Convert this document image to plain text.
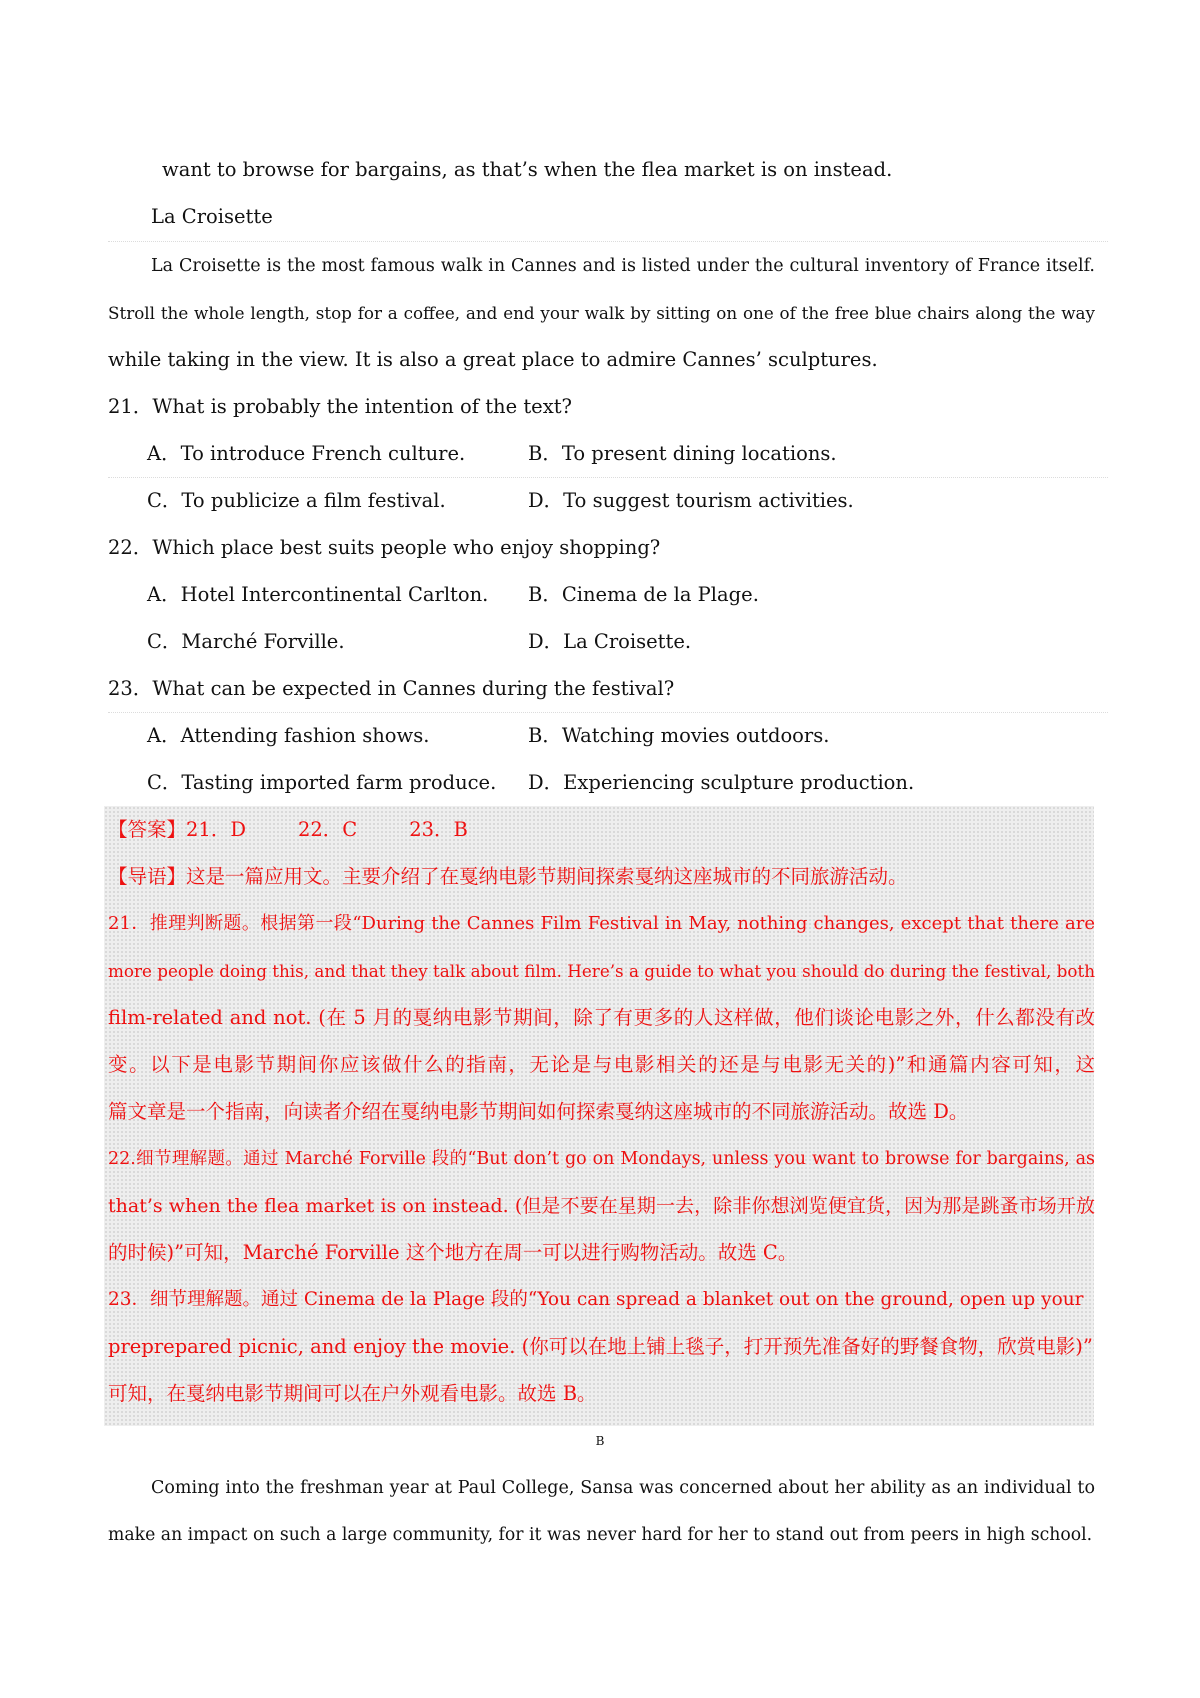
want to browse for bargains, as that’s when the flea market is on instead.
La Croisette
La Croisette is the most famous walk in Cannes and is listed under the cultural inventory of France itself.
Stroll the whole length, stop for a coffee, and end your walk by sitting on one of the free blue chairs along the way
while taking in the view. It is also a great place to admire Cannes’ sculptures.
21．What is probably the intention of the text?
A．To introduce French culture.	B．To present dining locations.
C．To publicize a film festival.	D．To suggest tourism activities.
22．Which place best suits people who enjoy shopping?
A．Hotel Intercontinental Carlton. B．Cinema de la Plage.
C．Marché Forville.	D．La Croisette.
23．What can be expected in Cannes during the festival?
A．Attending fashion shows.	B．Watching movies outdoors.
C．Tasting imported farm produce. D．Experiencing sculpture production.
【答案】21．D	22．C	23．B
【导语】这是一篇应用文。主要介绍了在戛纳电影节期间探索戛纳这座城市的不同旅游活动。
21．推理判断题。根据第一段“During the Cannes Film Festival in May, nothing changes, except that there are
more people doing this, and that they talk about film. Here’s a guide to what you should do during the festival, both
film-related and not. (在 5 月的戛纳电影节期间，除了有更多的人这样做，他们谈论电影之外，什么都没有改
变。以下是电影节期间你应该做什么的指南，无论是与电影相关的还是与电影无关的)”和通篇内容可知，这
篇文章是一个指南，向读者介绍在戛纳电影节期间如何探索戛纳这座城市的不同旅游活动。故选 D。
22.细节理解题。通过 Marché Forville 段的“But don’t go on Mondays, unless you want to browse for bargains, as
that’s when the flea market is on instead. (但是不要在星期一去，除非你想浏览便宜货，因为那是跳蚤市场开放
的时候)”可知，Marché Forville 这个地方在周一可以进行购物活动。故选 C。
23．细节理解题。通过 Cinema de la Plage 段的“You can spread a blanket out on the ground, open up your
preprepared picnic, and enjoy the movie. (你可以在地上铺上毯子，打开预先准备好的野餐食物，欣赏电影)”
可知，在戛纳电影节期间可以在户外观看电影。故选 B。
B
Coming into the freshman year at Paul College, Sansa was concerned about her ability as an individual to
make an impact on such a large community, for it was never hard for her to stand out from peers in high school.
